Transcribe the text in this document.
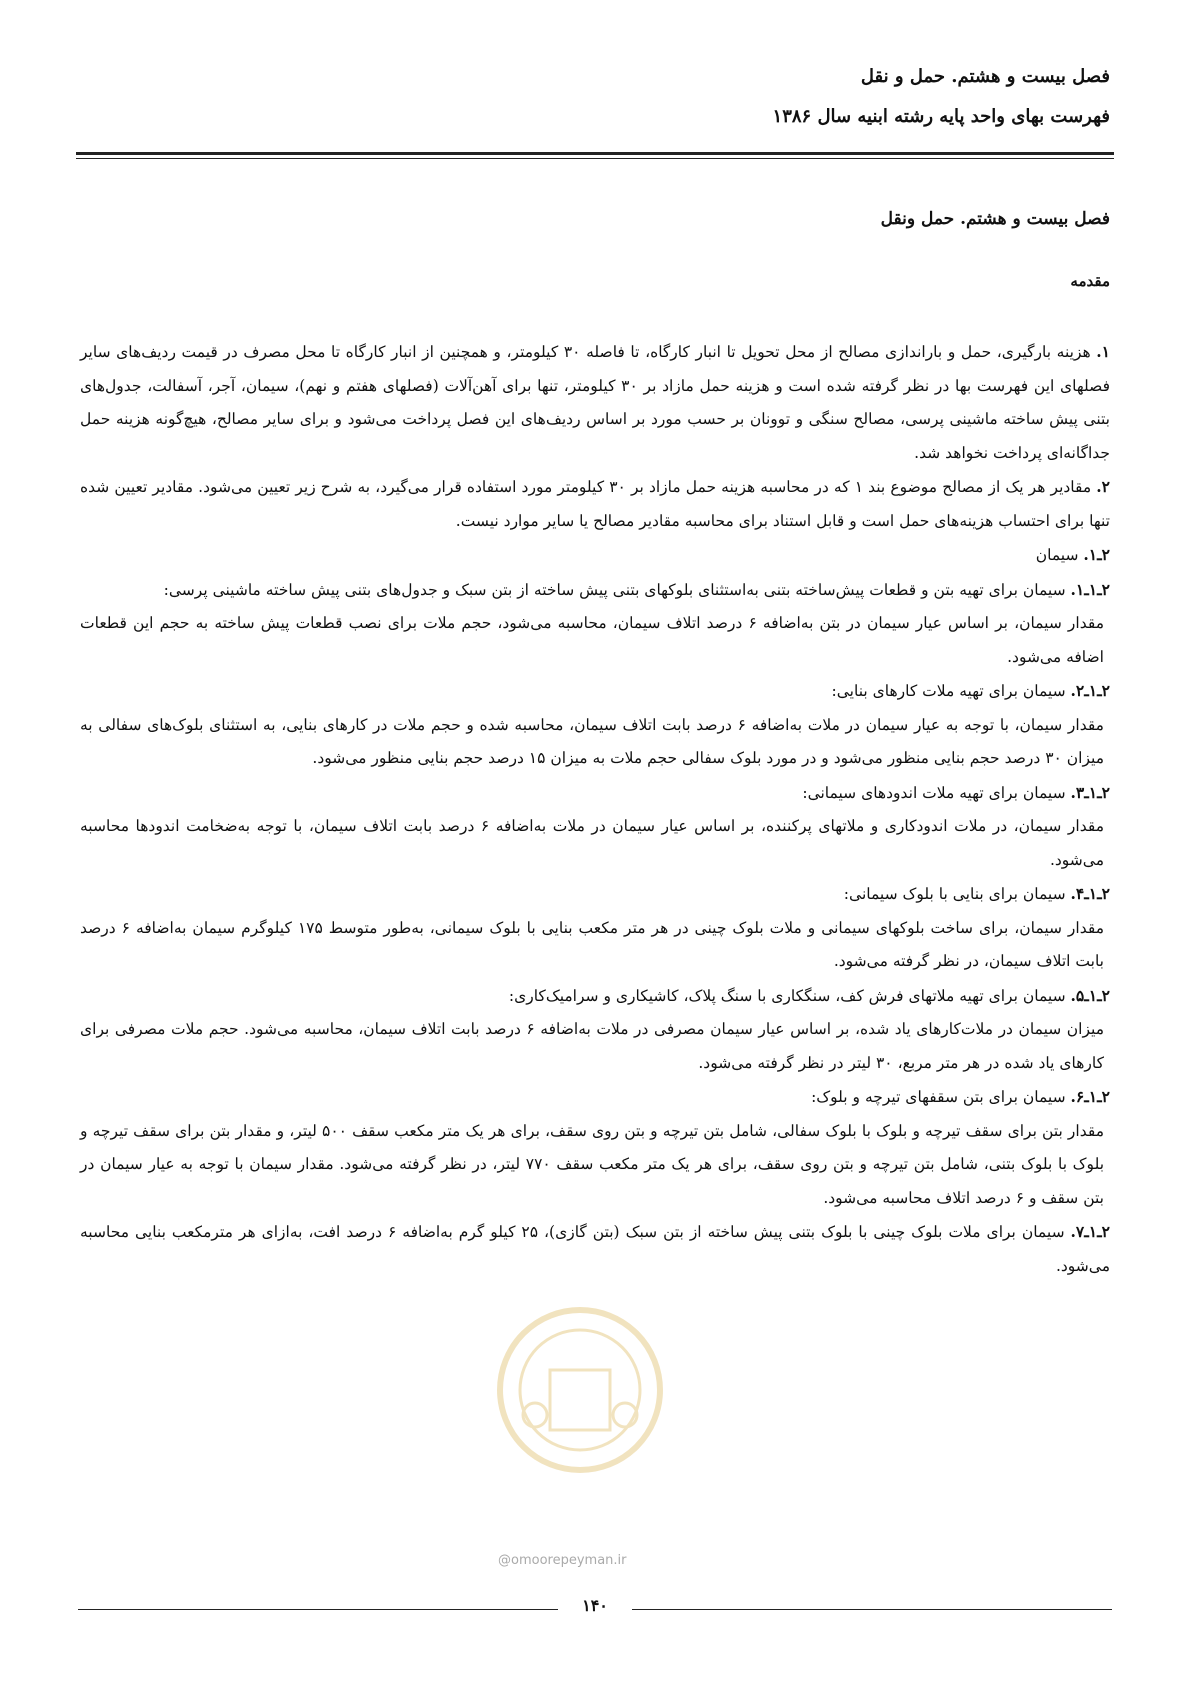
فصل بیست و هشتم. حمل و نقل
فهرست بهای واحد پایه رشته ابنیه سال ۱۳۸۶
فصل بیست و هشتم. حمل ونقل
مقدمه

۱. هزینه بارگیری، حمل و باراندازی مصالح از محل تحویل تا انبار کارگاه، تا فاصله ۳۰ کیلومتر، و همچنین از انبار کارگاه تا محل مصرف در قیمت ردیف‌های سایر فصلهای این فهرست بها در نظر گرفته شده است و هزینه حمل مازاد بر ۳۰ کیلومتر، تنها برای آهن‌آلات (فصلهای هفتم و نهم)، سیمان، آجر، آسفالت، جدول‌های بتنی پیش ساخته ماشینی پرسی، مصالح سنگی و توونان بر حسب مورد بر اساس ردیف‌های این فصل پرداخت می‌شود و برای سایر مصالح، هیچ‌گونه هزینه حمل جداگانه‌ای پرداخت نخواهد شد.

۲. مقادیر هر یک از مصالح موضوع بند ۱ که در محاسبه هزینه حمل مازاد بر ۳۰ کیلومتر مورد استفاده قرار می‌گیرد، به شرح زیر تعیین می‌شود. مقادیر تعیین شده تنها برای احتساب هزینه‌های حمل است و قابل استناد برای محاسبه مقادیر مصالح یا سایر موارد نیست.

۲ـ۱. سیمان

۲ـ۱ـ۱. سیمان برای تهیه بتن و قطعات پیش‌ساخته بتنی به‌استثنای بلوکهای بتنی پیش ساخته از بتن سبک و جدول‌های بتنی پیش ساخته ماشینی پرسی:

مقدار سیمان، بر اساس عیار سیمان در بتن به‌اضافه ۶ درصد اتلاف سیمان، محاسبه می‌شود، حجم ملات برای نصب قطعات پیش ساخته به حجم این قطعات اضافه می‌شود.

۲ـ۱ـ۲. سیمان برای تهیه ملات کارهای بنایی:

مقدار سیمان، با توجه به عیار سیمان در ملات به‌اضافه ۶ درصد بابت اتلاف سیمان، محاسبه شده و حجم ملات در کارهای بنایی، به استثنای بلوک‌های سفالی به میزان ۳۰ درصد حجم بنایی منظور می‌شود و در مورد بلوک سفالی حجم ملات به میزان ۱۵ درصد حجم بنایی منظور می‌شود.

۲ـ۱ـ۳. سیمان برای تهیه ملات اندودهای سیمانی:

مقدار سیمان، در ملات اندودکاری و ملاتهای پرکننده، بر اساس عیار سیمان در ملات به‌اضافه ۶ درصد بابت اتلاف سیمان، با توجه به‌ضخامت اندودها محاسبه می‌شود.

۲ـ۱ـ۴. سیمان برای بنایی با بلوک سیمانی:

مقدار سیمان، برای ساخت بلوکهای سیمانی و ملات بلوک چینی در هر متر مکعب بنایی با بلوک سیمانی، به‌طور متوسط ۱۷۵ کیلوگرم سیمان به‌اضافه ۶ درصد بابت اتلاف سیمان، در نظر گرفته می‌شود.

۲ـ۱ـ۵. سیمان برای تهیه ملاتهای فرش کف، سنگکاری با سنگ پلاک، کاشیکاری و سرامیک‌کاری:

میزان سیمان در ملات‌کارهای یاد شده، بر اساس عیار سیمان مصرفی در ملات به‌اضافه ۶ درصد بابت اتلاف سیمان، محاسبه می‌شود. حجم ملات مصرفی برای کارهای یاد شده در هر متر مربع، ۳۰ لیتر در نظر گرفته می‌شود.

۲ـ۱ـ۶. سیمان برای بتن سقفهای تیرچه و بلوک:

مقدار بتن برای سقف تیرچه و بلوک با بلوک سفالی، شامل بتن تیرچه و بتن روی سقف، برای هر یک متر مکعب سقف ۵۰۰ لیتر، و مقدار بتن برای سقف تیرچه و بلوک با بلوک بتنی، شامل بتن تیرچه و بتن روی سقف، برای هر یک متر مکعب سقف ۷۷۰ لیتر، در نظر گرفته می‌شود. مقدار سیمان با توجه به عیار سیمان در بتن سقف و ۶ درصد اتلاف محاسبه می‌شود.

۲ـ۱ـ۷. سیمان برای ملات بلوک چینی با بلوک بتنی پیش ساخته از بتن سبک (بتن گازی)، ۲۵ کیلو گرم به‌اضافه ۶ درصد افت، به‌ازای هر مترمکعب بنایی محاسبه می‌شود.

@omoorepeyman.ir
۱۴۰
